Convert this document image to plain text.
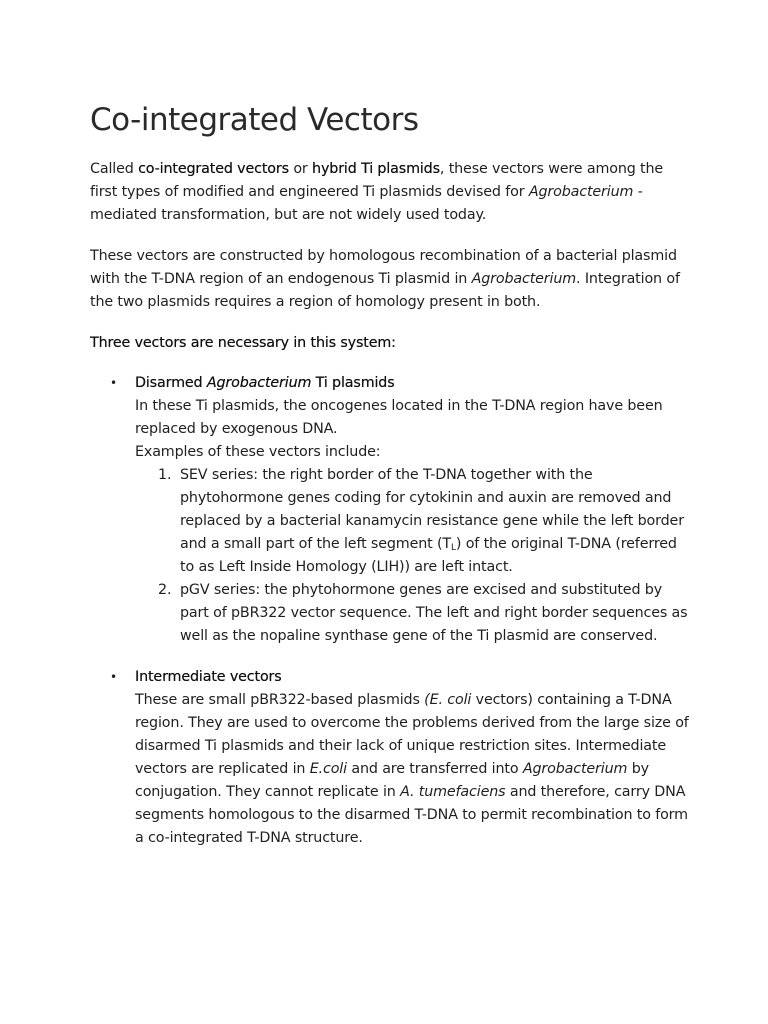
Co-integrated Vectors

Called co-integrated vectors or hybrid Ti plasmids, these vectors were among the first types of modified and engineered Ti plasmids devised for Agrobacterium -mediated transformation, but are not widely used today.

These vectors are constructed by homologous recombination of a bacterial plasmid with the T-DNA region of an endogenous Ti plasmid in Agrobacterium. Integration of the two plasmids requires a region of homology present in both.

Three vectors are necessary in this system:

• Disarmed Agrobacterium Ti plasmids
In these Ti plasmids, the oncogenes located in the T-DNA region have been replaced by exogenous DNA.
Examples of these vectors include:
1. SEV series: the right border of the T-DNA together with the phytohormone genes coding for cytokinin and auxin are removed and replaced by a bacterial kanamycin resistance gene while the left border and a small part of the left segment $(T_L)$ of the original T-DNA (referred to as Left Inside Homology (LIH)) are left intact.
2. pGV series: the phytohormone genes are excised and substituted by part of pBR322 vector sequence. The left and right border sequences as well as the nopaline synthase gene of the Ti plasmid are conserved.
• Intermediate vectors
These are small pBR322-based plasmids (E. coli vectors) containing a T-DNA region. They are used to overcome the problems derived from the large size of disarmed Ti plasmids and their lack of unique restriction sites. Intermediate vectors are replicated in E.coli and are transferred into Agrobacterium by conjugation. They cannot replicate in A. tumefaciens and therefore, carry DNA segments homologous to the disarmed T-DNA to permit recombination to form a co-integrated T-DNA structure.
